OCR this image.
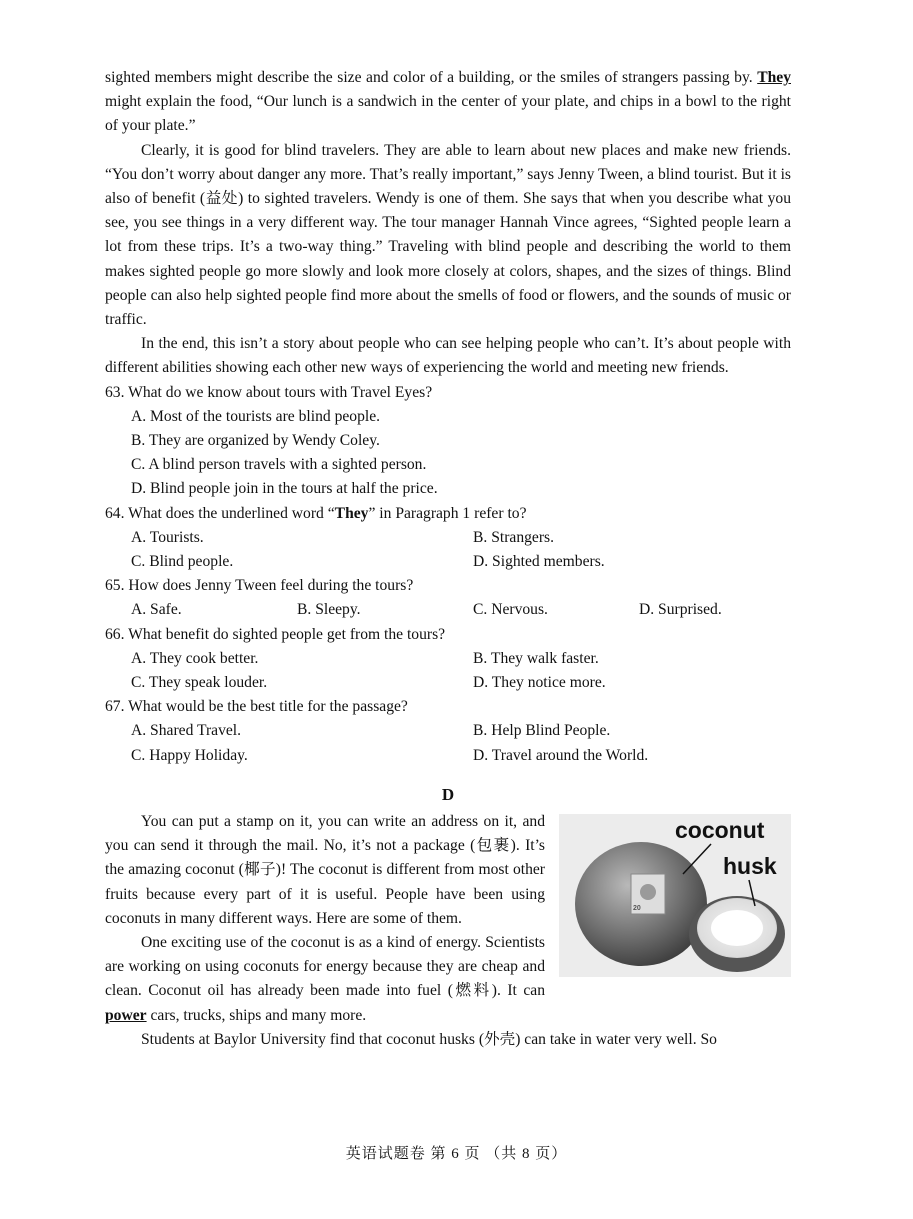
sighted members might describe the size and color of a building, or the smiles of strangers passing by. They might explain the food, “Our lunch is a sandwich in the center of your plate, and chips in a bowl to the right of your plate.”

Clearly, it is good for blind travelers. They are able to learn about new places and make new friends. “You don’t worry about danger any more. That’s really important,” says Jenny Tween, a blind tourist. But it is also of benefit (益处) to sighted travelers. Wendy is one of them. She says that when you describe what you see, you see things in a very different way. The tour manager Hannah Vince agrees, “Sighted people learn a lot from these trips. It’s a two-way thing.” Traveling with blind people and describing the world to them makes sighted people go more slowly and look more closely at colors, shapes, and the sizes of things. Blind people can also help sighted people find more about the smells of food or flowers, and the sounds of music or traffic.

In the end, this isn’t a story about people who can see helping people who can’t. It’s about people with different abilities showing each other new ways of experiencing the world and meeting new friends.

63. What do we know about tours with Travel Eyes?
A. Most of the tourists are blind people.
B. They are organized by Wendy Coley.
C. A blind person travels with a sighted person.
D. Blind people join in the tours at half the price.
64. What does the underlined word “They” in Paragraph 1 refer to?
A. Tourists.	B. Strangers.
C. Blind people.	D. Sighted members.
65. How does Jenny Tween feel during the tours?
A. Safe.	B. Sleepy.	C. Nervous.	D. Surprised.
66. What benefit do sighted people get from the tours?
A. They cook better.	B. They walk faster.
C. They speak louder.	D. They notice more.
67. What would be the best title for the passage?
A. Shared Travel.	B. Help Blind People.
C. Happy Holiday.	D. Travel around the World.
D
20
coconut
husk

You can put a stamp on it, you can write an address on it, and you can send it through the mail. No, it’s not a package (包裹). It’s the amazing coconut (椰子)! The coconut is different from most other fruits because every part of it is useful. People have been using coconuts in many different ways. Here are some of them.

One exciting use of the coconut is as a kind of energy. Scientists are working on using coconuts for energy because they are cheap and clean. Coconut oil has already been made into fuel (燃料). It can power cars, trucks, ships and many more.

Students at Baylor University find that coconut husks (外壳) can take in water very well. So

英语试题卷 第 6 页 （共 8 页）
